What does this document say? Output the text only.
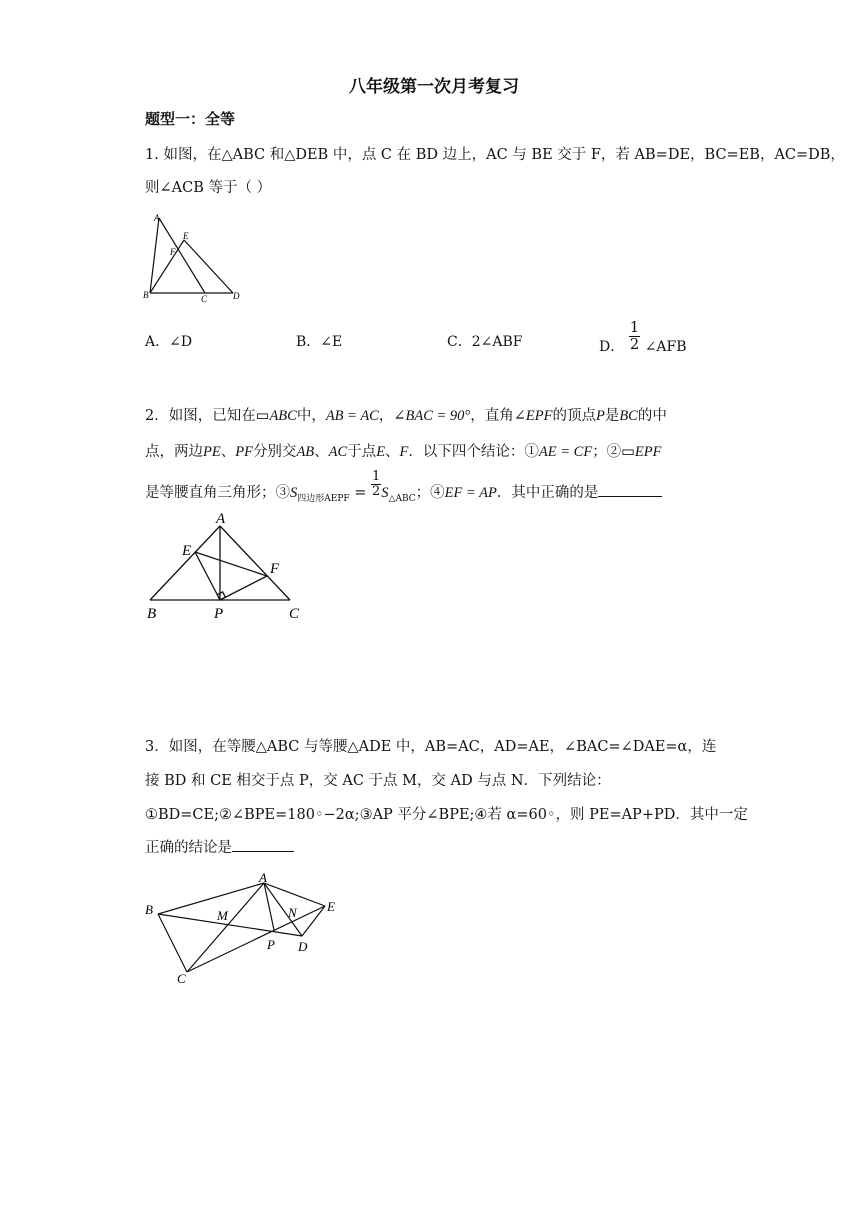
八年级第一次月考复习
题型一：全等
1. 如图，在△ABC 和△DEB 中，点 C 在 BD 边上，AC 与 BE 交于 F，若 AB=DE，BC=EB，AC=DB，
则∠ACB 等于（ ）
A
E
F
B	C	D
A．∠D	B．∠E	C．2∠ABF	D． $\frac{1}{2}$ ∠AFB
2．如图，已知在▭ABC中，AB = AC，∠BAC = 90°，直角∠EPF的顶点P是BC的中
点，两边PE、PF分别交AB、AC于点E、F．以下四个结论：①AE = CF；②▭EPF
是等腰直角三角形；$③S_{四边形AEPF} = \frac{1}{2} S_{\triangle ABC}$；④EF = AP．其中正确的是
A
E
F
B	P	C
3．如图，在等腰△ABC 与等腰△ADE 中，AB=AC，AD=AE，∠BAC=∠DAE=α，连
接 BD 和 CE 相交于点 P，交 AC 于点 M，交 AD 与点 N．下列结论：
①BD=CE;②∠BPE=180◦−2α;③AP 平分∠BPE;④若 α=60◦，则 PE=AP+PD．其中一定
正确的结论是
A
B	M	N E
P D
C
